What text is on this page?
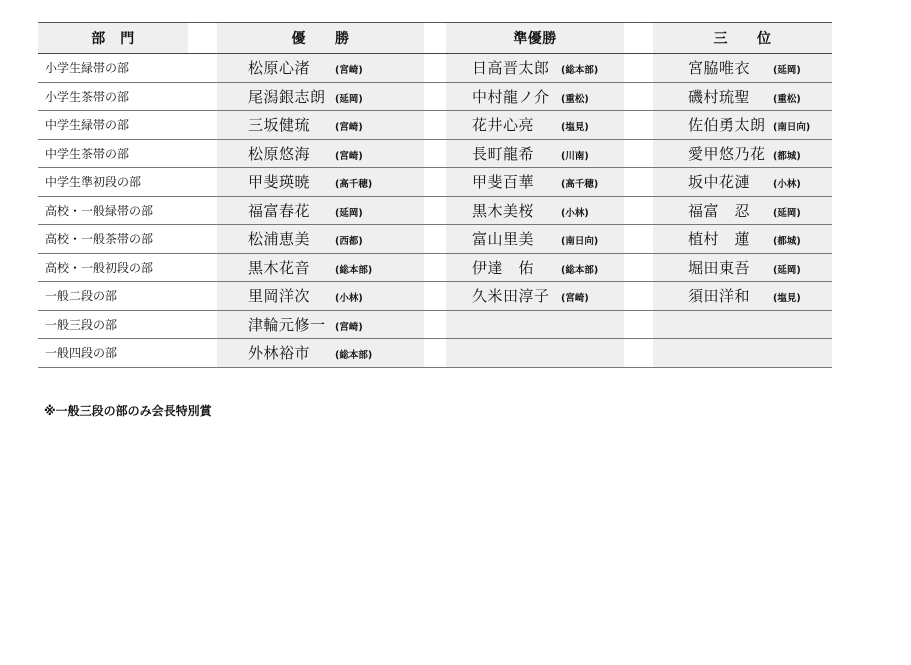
部　門		優　　勝		準優勝		三　　位
小学生緑帯の部		松原心渚 (宮崎)		日高晋太郎 (総本部)		宮脇唯衣 (延岡)
小学生茶帯の部		尾潟銀志朗 (延岡)		中村龍ノ介 (重松)		磯村琉聖 (重松)
中学生緑帯の部		三坂健琉 (宮崎)		花井心亮 (塩見)		佐伯勇太朗 (南日向)
中学生茶帯の部		松原悠海 (宮崎)		長町龍希 (川南)		愛甲悠乃花 (都城)
中学生準初段の部		甲斐瑛暁 (高千穂)		甲斐百華 (高千穂)		坂中花漣 (小林)
高校・一般緑帯の部		福富春花 (延岡)		黒木美桜 (小林)		福富　忍 (延岡)
高校・一般茶帯の部		松浦恵美 (西都)		富山里美 (南日向)		植村　蓮 (都城)
高校・一般初段の部		黒木花音 (総本部)		伊達　佑 (総本部)		堀田東吾 (延岡)
一般二段の部		里岡洋次 (小林)		久米田淳子 (宮崎)		須田洋和 (塩見)
一般三段の部		津輪元修一 (宮崎)				
一般四段の部		外林裕市 (総本部)				
※一般三段の部のみ会長特別賞
